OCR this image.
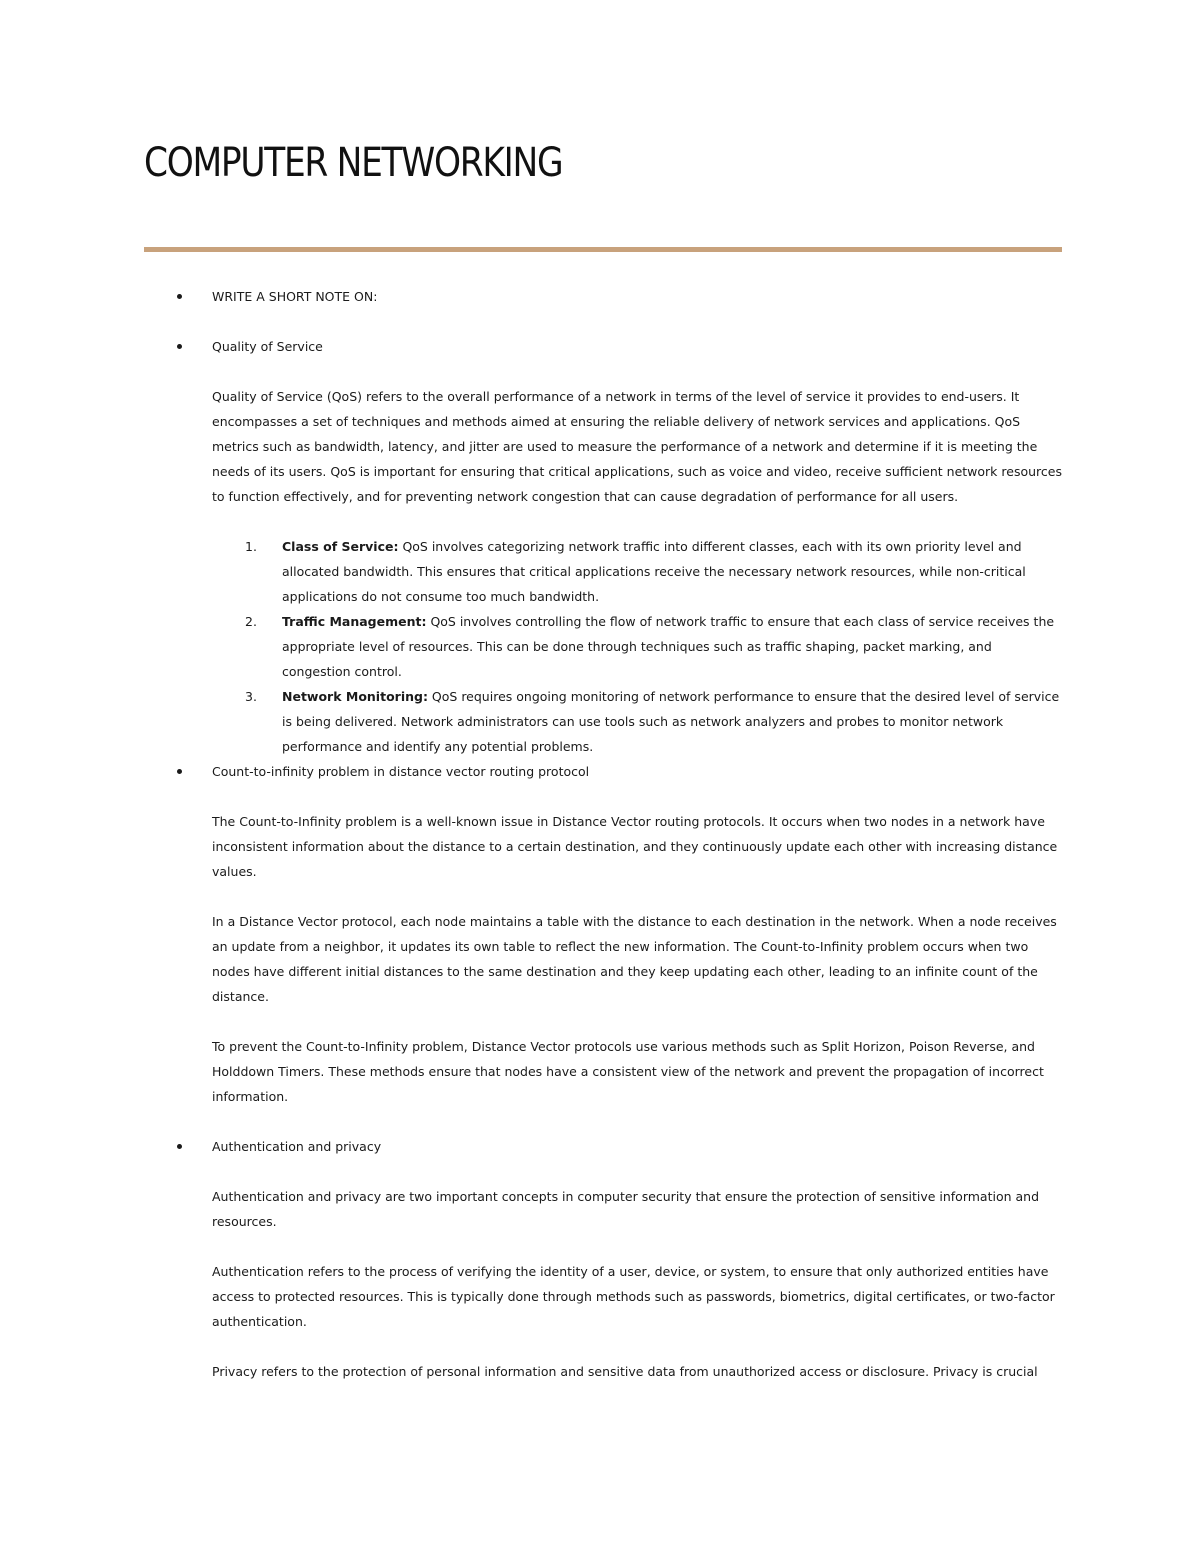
COMPUTER NETWORKING
WRITE A SHORT NOTE ON:
Quality of Service

Quality of Service (QoS) refers to the overall performance of a network in terms of the level of service it provides to end-users. It encompasses a set of techniques and methods aimed at ensuring the reliable delivery of network services and applications. QoS metrics such as bandwidth, latency, and jitter are used to measure the performance of a network and determine if it is meeting the needs of its users. QoS is important for ensuring that critical applications, such as voice and video, receive sufficient network resources to function effectively, and for preventing network congestion that can cause degradation of performance for all users.

1. Class of Service: QoS involves categorizing network traffic into different classes, each with its own priority level and allocated bandwidth. This ensures that critical applications receive the necessary network resources, while non-critical applications do not consume too much bandwidth.
2. Traffic Management: QoS involves controlling the flow of network traffic to ensure that each class of service receives the appropriate level of resources. This can be done through techniques such as traffic shaping, packet marking, and congestion control.
3. Network Monitoring: QoS requires ongoing monitoring of network performance to ensure that the desired level of service is being delivered. Network administrators can use tools such as network analyzers and probes to monitor network performance and identify any potential problems.
Count-to-infinity problem in distance vector routing protocol

The Count-to-Infinity problem is a well-known issue in Distance Vector routing protocols. It occurs when two nodes in a network have inconsistent information about the distance to a certain destination, and they continuously update each other with increasing distance values.

In a Distance Vector protocol, each node maintains a table with the distance to each destination in the network. When a node receives an update from a neighbor, it updates its own table to reflect the new information. The Count-to-Infinity problem occurs when two nodes have different initial distances to the same destination and they keep updating each other, leading to an infinite count of the distance.

To prevent the Count-to-Infinity problem, Distance Vector protocols use various methods such as Split Horizon, Poison Reverse, and Holddown Timers. These methods ensure that nodes have a consistent view of the network and prevent the propagation of incorrect information.

Authentication and privacy

Authentication and privacy are two important concepts in computer security that ensure the protection of sensitive information and resources.

Authentication refers to the process of verifying the identity of a user, device, or system, to ensure that only authorized entities have access to protected resources. This is typically done through methods such as passwords, biometrics, digital certificates, or two-factor authentication.

Privacy refers to the protection of personal information and sensitive data from unauthorized access or disclosure. Privacy is crucial
